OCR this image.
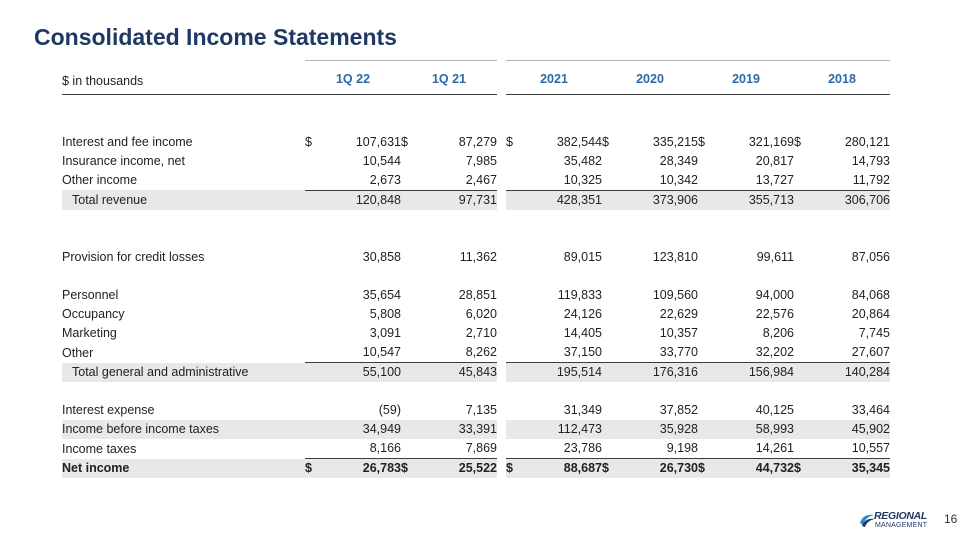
Consolidated Income Statements
$ in thousands	1Q 22		1Q 21			2021		2020		2019		2018	

Interest and fee income	$	107,631	$	87,279		$	382,544	$	335,215	$	321,169	$	280,121
Insurance income, net		10,544		7,985			35,482		28,349		20,817		14,793
Other income		2,673		2,467			10,325		10,342		13,727		11,792
Total revenue		120,848		97,731			428,351		373,906		355,713		306,706

Provision for credit losses		30,858		11,362			89,015		123,810		99,611		87,056

Personnel		35,654		28,851			119,833		109,560		94,000		84,068
Occupancy		5,808		6,020			24,126		22,629		22,576		20,864
Marketing		3,091		2,710			14,405		10,357		8,206		7,745
Other		10,547		8,262			37,150		33,770		32,202		27,607
Total general and administrative		55,100		45,843			195,514		176,316		156,984		140,284

Interest expense		(59)		7,135			31,349		37,852		40,125		33,464
Income before income taxes		34,949		33,391			112,473		35,928		58,993		45,902
Income taxes		8,166		7,869			23,786		9,198		14,261		10,557
Net income	$	26,783	$	25,522		$	88,687	$	26,730	$	44,732	$	35,345
REGIONAL
MANAGEMENT 16
